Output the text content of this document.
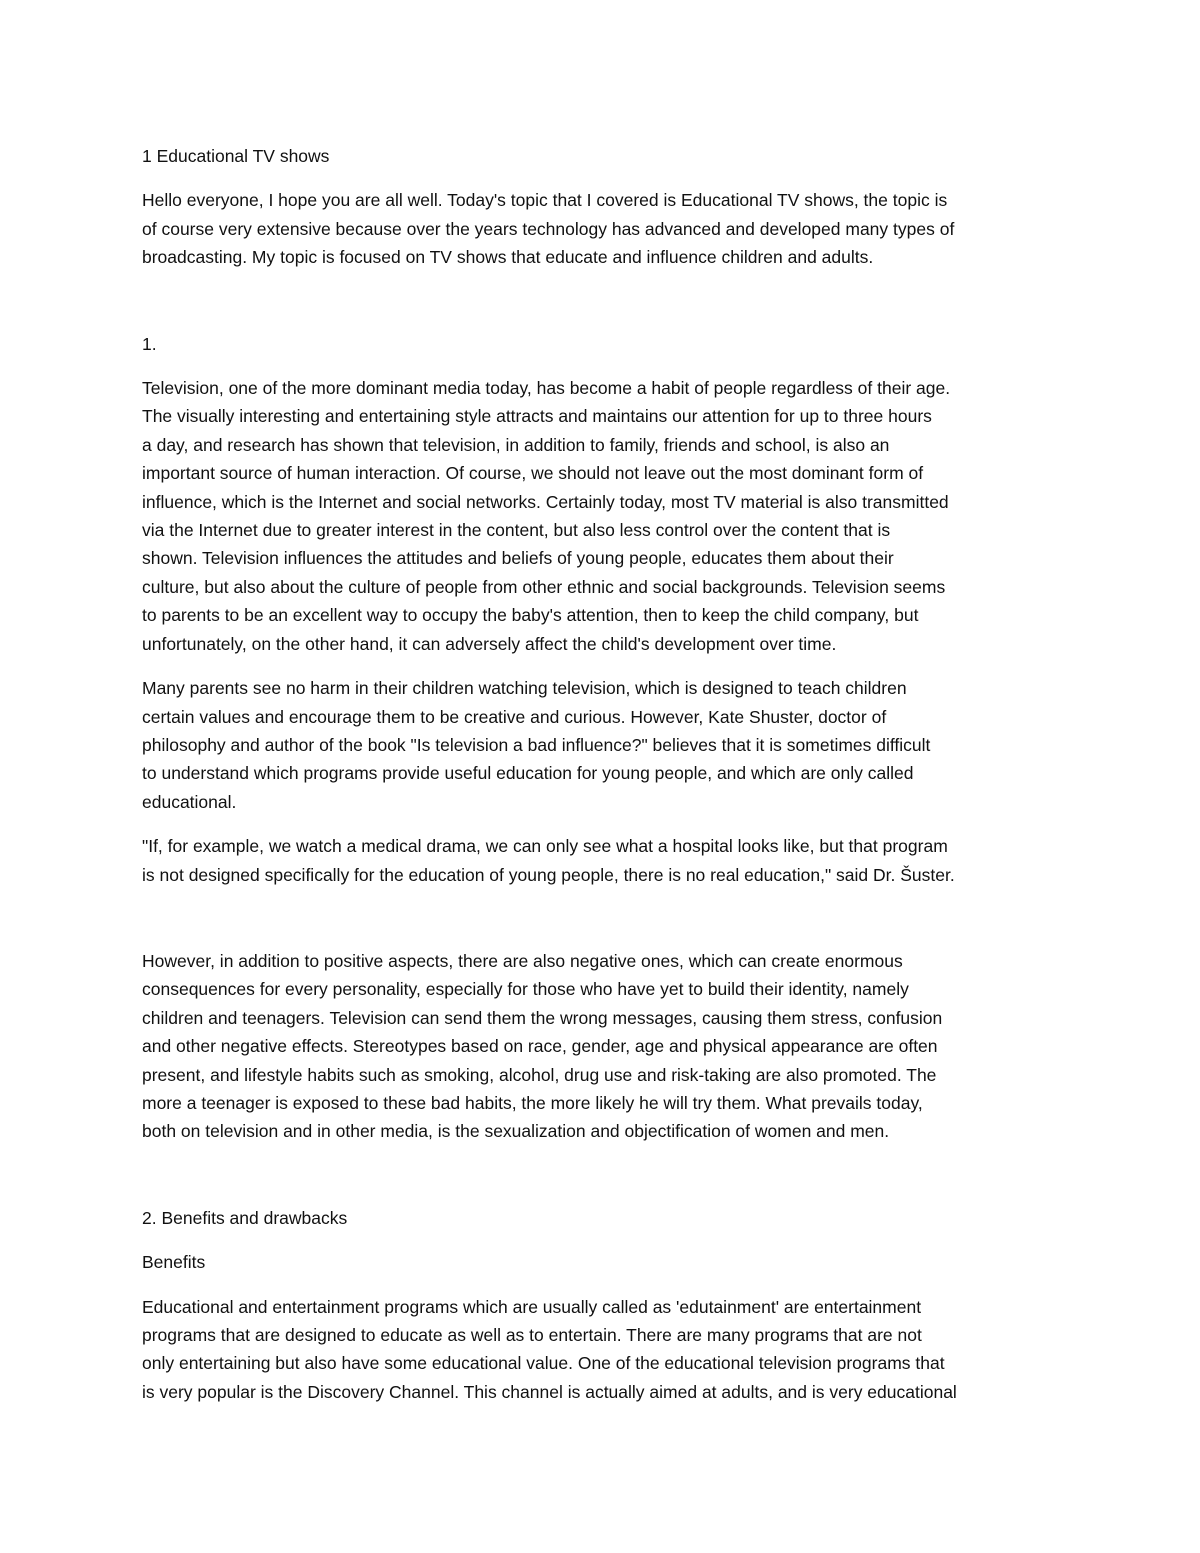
1 Educational TV shows

Hello everyone, I hope you are all well. Today's topic that I covered is Educational TV shows, the topic is
of course very extensive because over the years technology has advanced and developed many types of
broadcasting. My topic is focused on TV shows that educate and influence children and adults.

1.

Television, one of the more dominant media today, has become a habit of people regardless of their age.
The visually interesting and entertaining style attracts and maintains our attention for up to three hours
a day, and research has shown that television, in addition to family, friends and school, is also an
important source of human interaction. Of course, we should not leave out the most dominant form of
influence, which is the Internet and social networks. Certainly today, most TV material is also transmitted
via the Internet due to greater interest in the content, but also less control over the content that is
shown. Television influences the attitudes and beliefs of young people, educates them about their
culture, but also about the culture of people from other ethnic and social backgrounds. Television seems
to parents to be an excellent way to occupy the baby's attention, then to keep the child company, but
unfortunately, on the other hand, it can adversely affect the child's development over time.

Many parents see no harm in their children watching television, which is designed to teach children
certain values and encourage them to be creative and curious. However, Kate Shuster, doctor of
philosophy and author of the book "Is television a bad influence?" believes that it is sometimes difficult
to understand which programs provide useful education for young people, and which are only called
educational.

"If, for example, we watch a medical drama, we can only see what a hospital looks like, but that program
is not designed specifically for the education of young people, there is no real education," said Dr. Šuster.

However, in addition to positive aspects, there are also negative ones, which can create enormous
consequences for every personality, especially for those who have yet to build their identity, namely
children and teenagers. Television can send them the wrong messages, causing them stress, confusion
and other negative effects. Stereotypes based on race, gender, age and physical appearance are often
present, and lifestyle habits such as smoking, alcohol, drug use and risk-taking are also promoted. The
more a teenager is exposed to these bad habits, the more likely he will try them. What prevails today,
both on television and in other media, is the sexualization and objectification of women and men.

2. Benefits and drawbacks

Benefits

Educational and entertainment programs which are usually called as 'edutainment' are entertainment
programs that are designed to educate as well as to entertain. There are many programs that are not
only entertaining but also have some educational value. One of the educational television programs that
is very popular is the Discovery Channel. This channel is actually aimed at adults, and is very educational
